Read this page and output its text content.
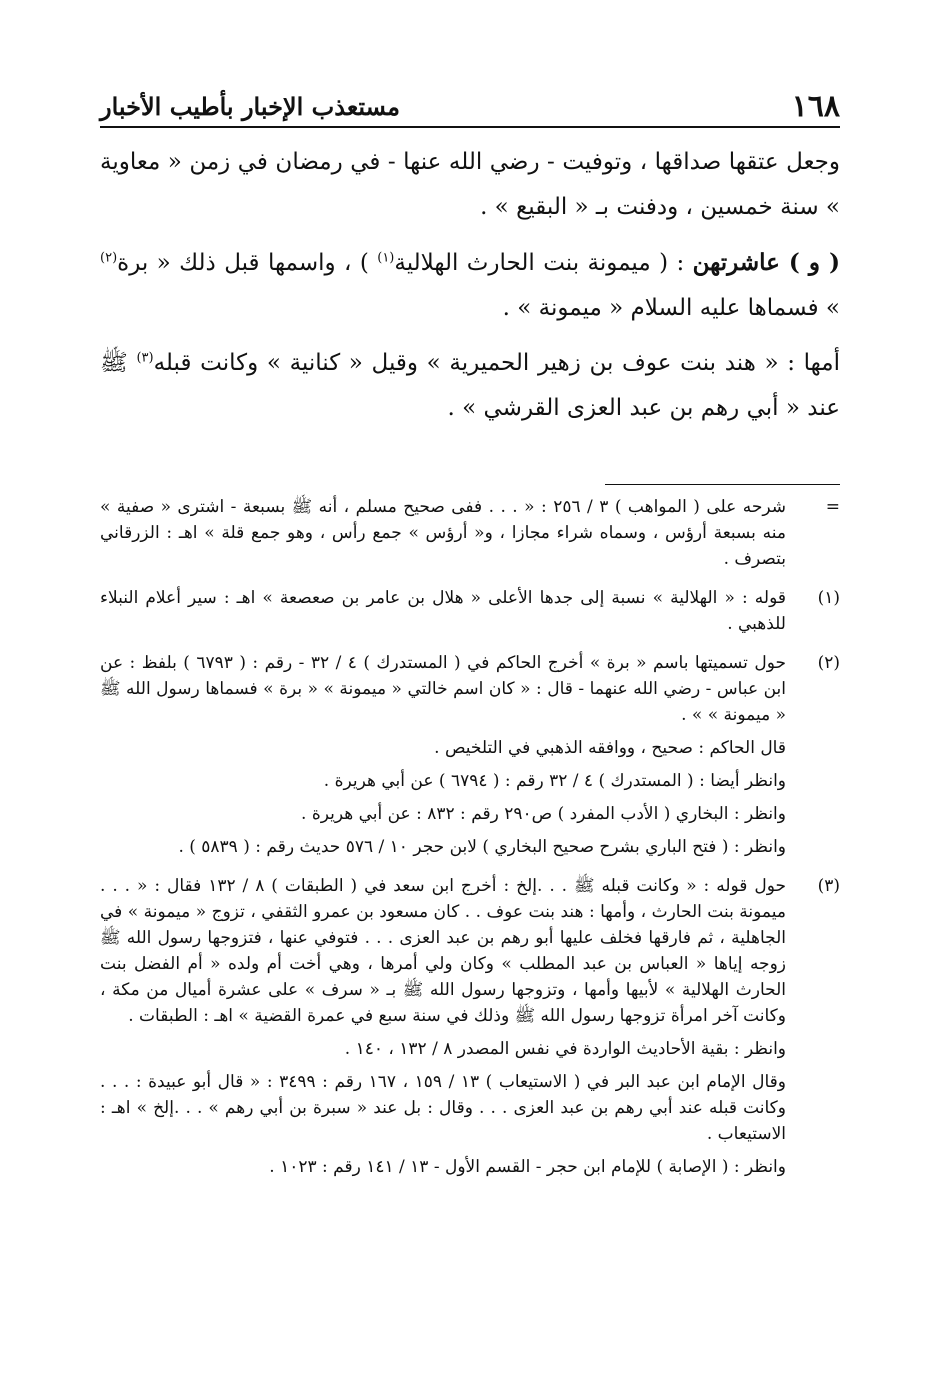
١٦٨
مستعذب الإخبار بأطيب الأخبار

وجعل عتقها صداقها ، وتوفيت - رضي الله عنها - في رمضان في زمن « معاوية » سنة خمسين ، ودفنت بـ « البقيع » .

( و ) عاشرتهن : ( ميمونة بنت الحارث الهلالية$^{(١)}$ ) ، واسمها قبل ذلك « برة$^{(٢)}$ » فسماها عليه السلام « ميمونة » .

أمها : « هند بنت عوف بن زهير الحميرية » وقيل « كنانية » وكانت قبله$^{(٣)}$ ﷺ عند « أبي رهم بن عبد العزى القرشي » .

=

شرحه على ( المواهب ) ٣ / ٢٥٦ : « . . . ففى صحيح مسلم ، أنه ﷺ بسبعة - اشترى « صفية » منه بسبعة أرؤس ، وسماه شراء مجازا ، و« أرؤس » جمع رأس ، وهو جمع قلة » اهـ : الزرقاني بتصرف .

(١)

قوله : « الهلالية » نسبة إلى جدها الأعلى « هلال بن عامر بن صعصعة » اهـ : سير أعلام النبلاء للذهبي .

(٢)

حول تسميتها باسم « برة » أخرج الحاكم في ( المستدرك ) ٤ / ٣٢ - رقم : ( ٦٧٩٣ ) بلفظ : عن ابن عباس - رضي الله عنهما - قال : « كان اسم خالتي « ميمونة » « برة » فسماها رسول الله ﷺ « ميمونة » » .

قال الحاكم : صحيح ، ووافقه الذهبي في التلخيص .

وانظر أيضا : ( المستدرك ) ٤ / ٣٢ رقم : ( ٦٧٩٤ ) عن أبي هريرة .

وانظر : البخاري ( الأدب المفرد ) ص٢٩٠ رقم : ٨٣٢ : عن أبي هريرة .

وانظر : ( فتح الباري بشرح صحيح البخاري ) لابن حجر ١٠ / ٥٧٦ حديث رقم : ( ٥٨٣٩ ) .

(٣)

حول قوله : « وكانت قبله ﷺ . . .إلخ : أخرج ابن سعد في ( الطبقات ) ٨ / ١٣٢ فقال : « . . . ميمونة بنت الحارث ، وأمها : هند بنت عوف . . كان مسعود بن عمرو الثقفي ، تزوج « ميمونة » في الجاهلية ، ثم فارقها فخلف عليها أبو رهم بن عبد العزى . . . فتوفي عنها ، فتزوجها رسول الله ﷺ زوجه إياها « العباس بن عبد المطلب » وكان ولي أمرها ، وهي أخت أم ولده « أم الفضل بنت الحارث الهلالية » لأبيها وأمها ، وتزوجها رسول الله ﷺ بـ « سرف » على عشرة أميال من مكة ، وكانت آخر امرأة تزوجها رسول الله ﷺ وذلك في سنة سبع في عمرة القضية » اهـ : الطبقات .

وانظر : بقية الأحاديث الواردة في نفس المصدر ٨ / ١٣٢ ، ١٤٠ .

وقال الإمام ابن عبد البر في ( الاستيعاب ) ١٣ / ١٥٩ ، ١٦٧ رقم : ٣٤٩٩ : « قال أبو عبيدة : . . . وكانت قبله عند أبي رهم بن عبد العزى . . . وقال : بل عند « سبرة بن أبي رهم » . . .إلخ » اهـ : الاستيعاب .

وانظر : ( الإصابة ) للإمام ابن حجر - القسم الأول - ١٣ / ١٤١ رقم : ١٠٢٣ .
